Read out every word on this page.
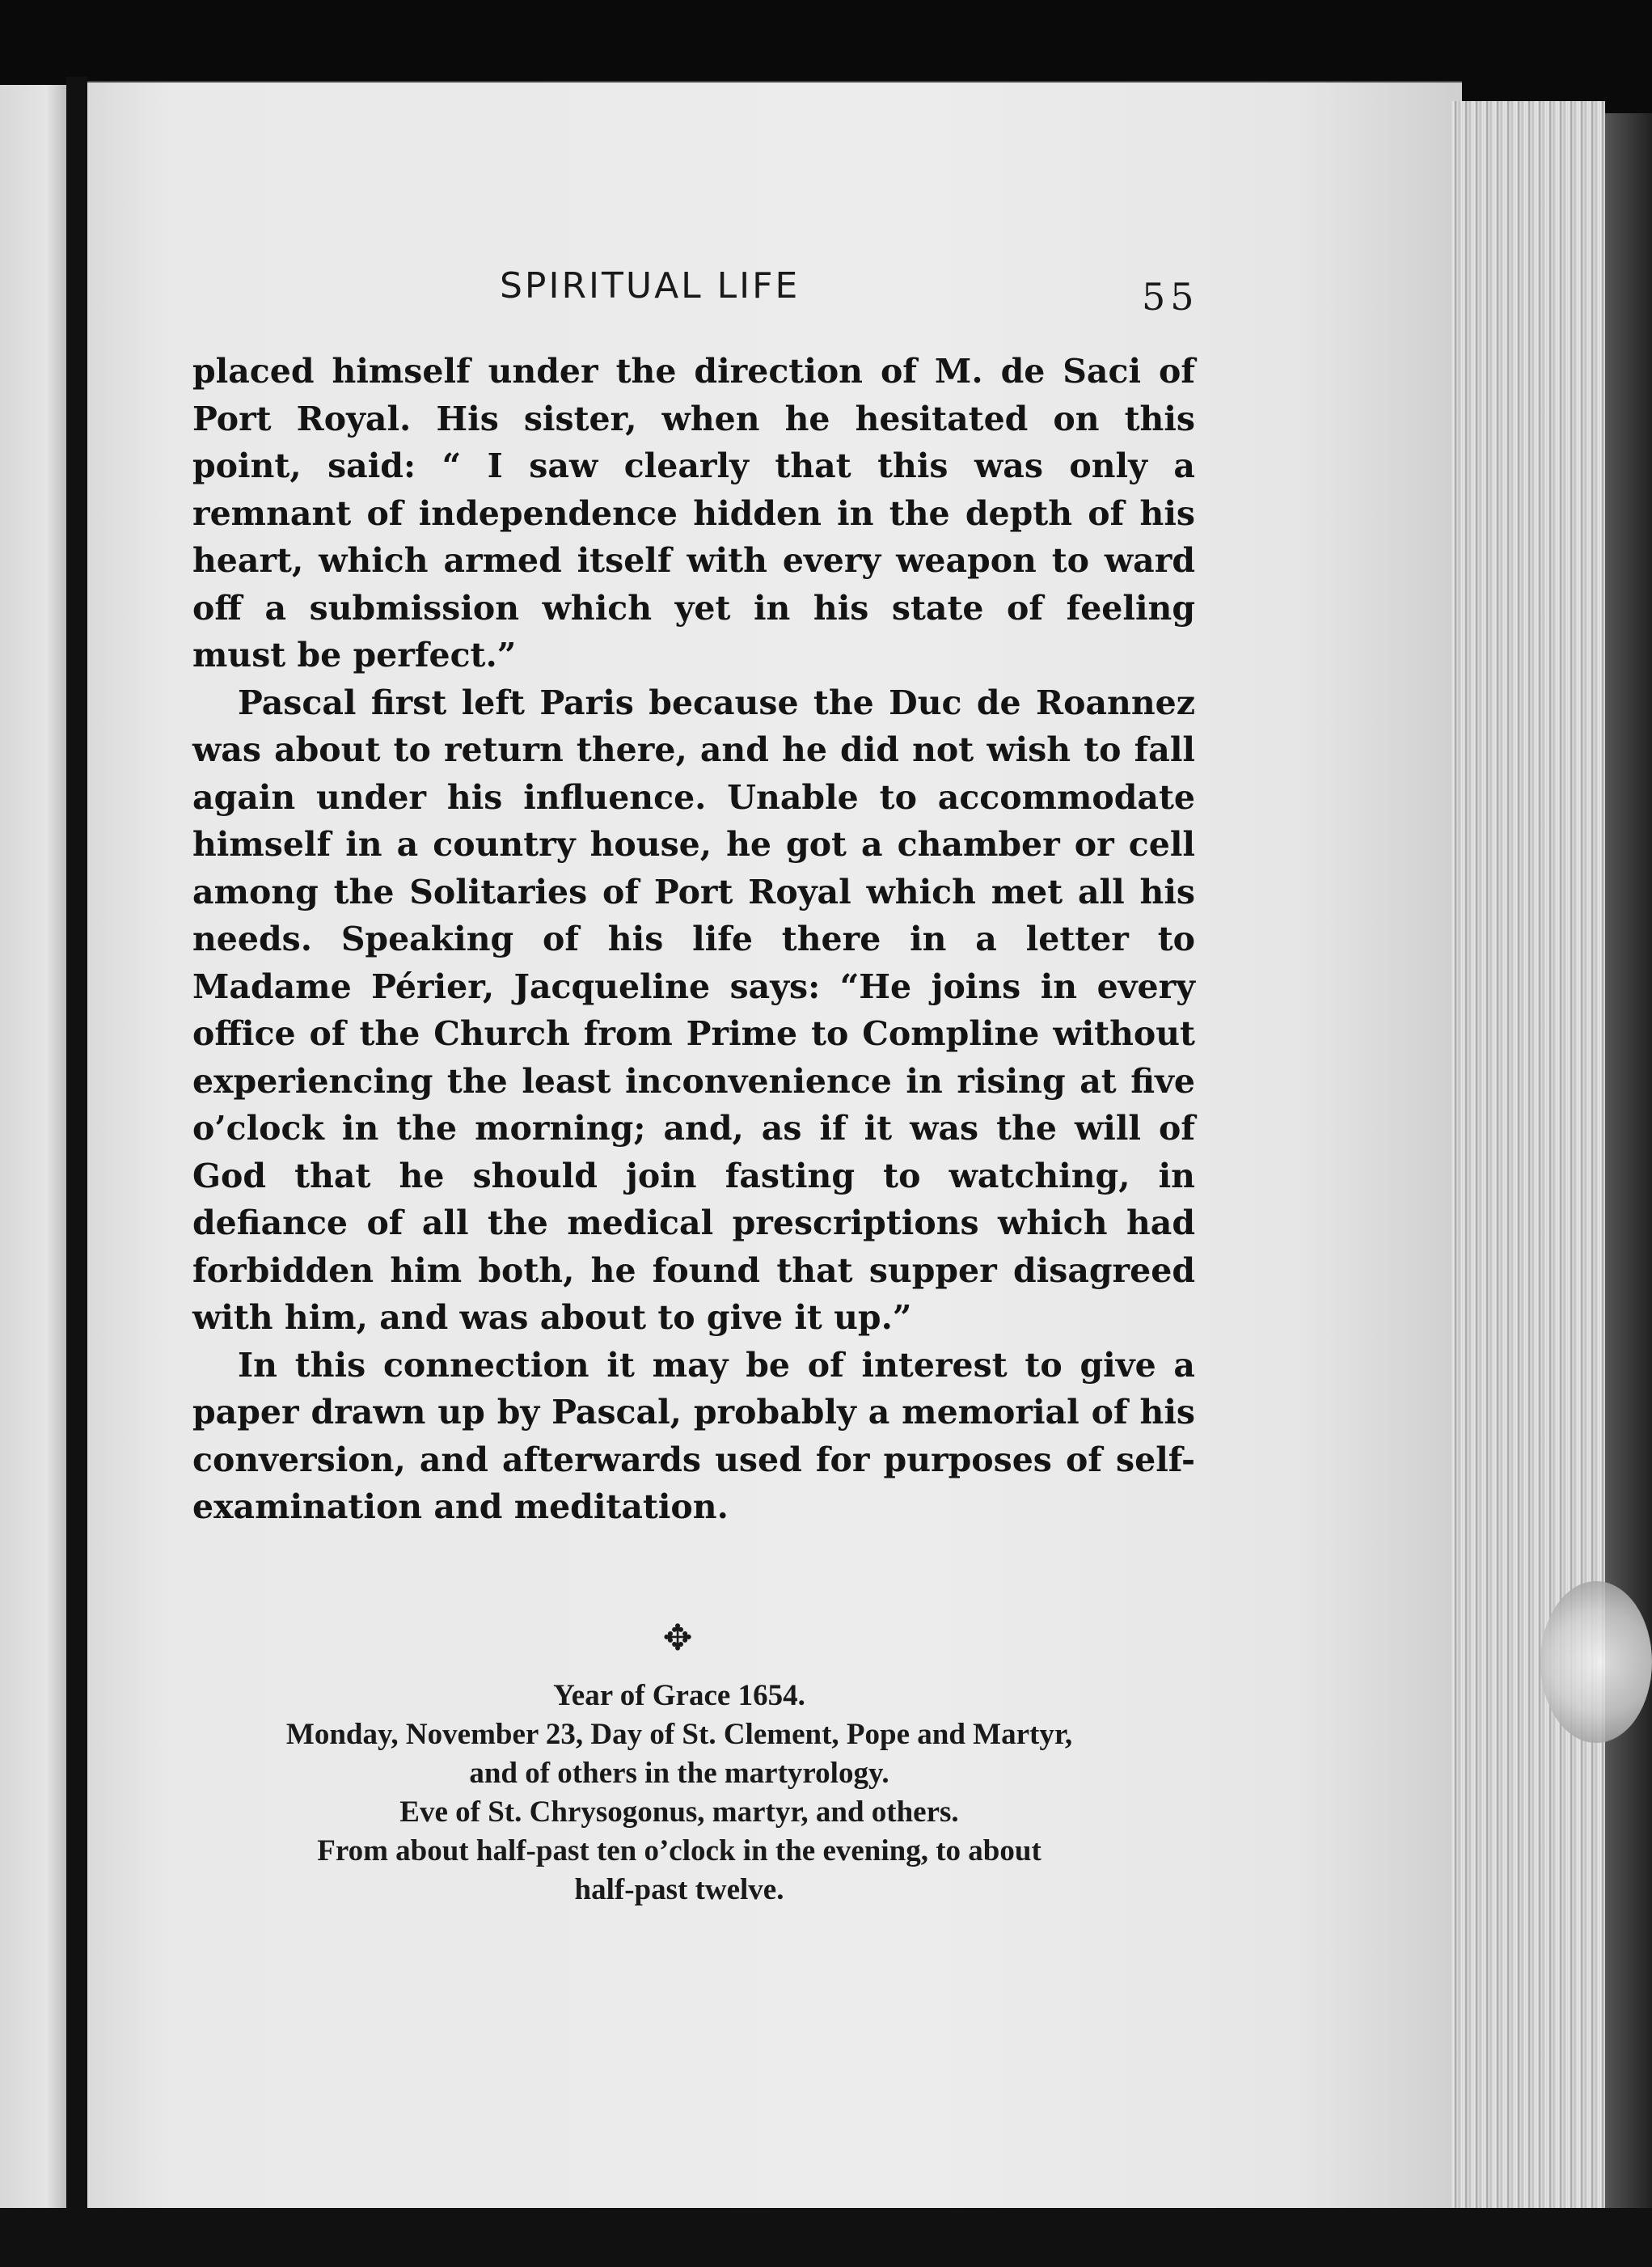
SPIRITUAL LIFE	55

placed himself under the direction of M. de Saci of Port Royal. His sister, when he hesitated on this point, said: “ I saw clearly that this was only a remnant of independence hidden in the depth of his heart, which armed itself with every weapon to ward off a submission which yet in his state of feeling must be perfect.”

Pascal first left Paris because the Duc de Roannez was about to return there, and he did not wish to fall again under his influence. Unable to accommodate himself in a country house, he got a chamber or cell among the Solitaries of Port Royal which met all his needs. Speaking of his life there in a letter to Madame Périer, Jacqueline says: “He joins in every office of the Church from Prime to Compline without experiencing the least inconvenience in rising at five o’clock in the morning; and, as if it was the will of God that he should join fasting to watching, in defiance of all the medical prescriptions which had forbidden him both, he found that supper disagreed with him, and was about to give it up.”

In this connection it may be of interest to give a paper drawn up by Pascal, probably a memorial of his conversion, and afterwards used for purposes of self-examination and meditation.

✥
Year of Grace 1654.
Monday, November 23, Day of St. Clement, Pope and Martyr,
and of others in the martyrology.
Eve of St. Chrysogonus, martyr, and others.
From about half-past ten o’clock in the evening, to about
half-past twelve.
